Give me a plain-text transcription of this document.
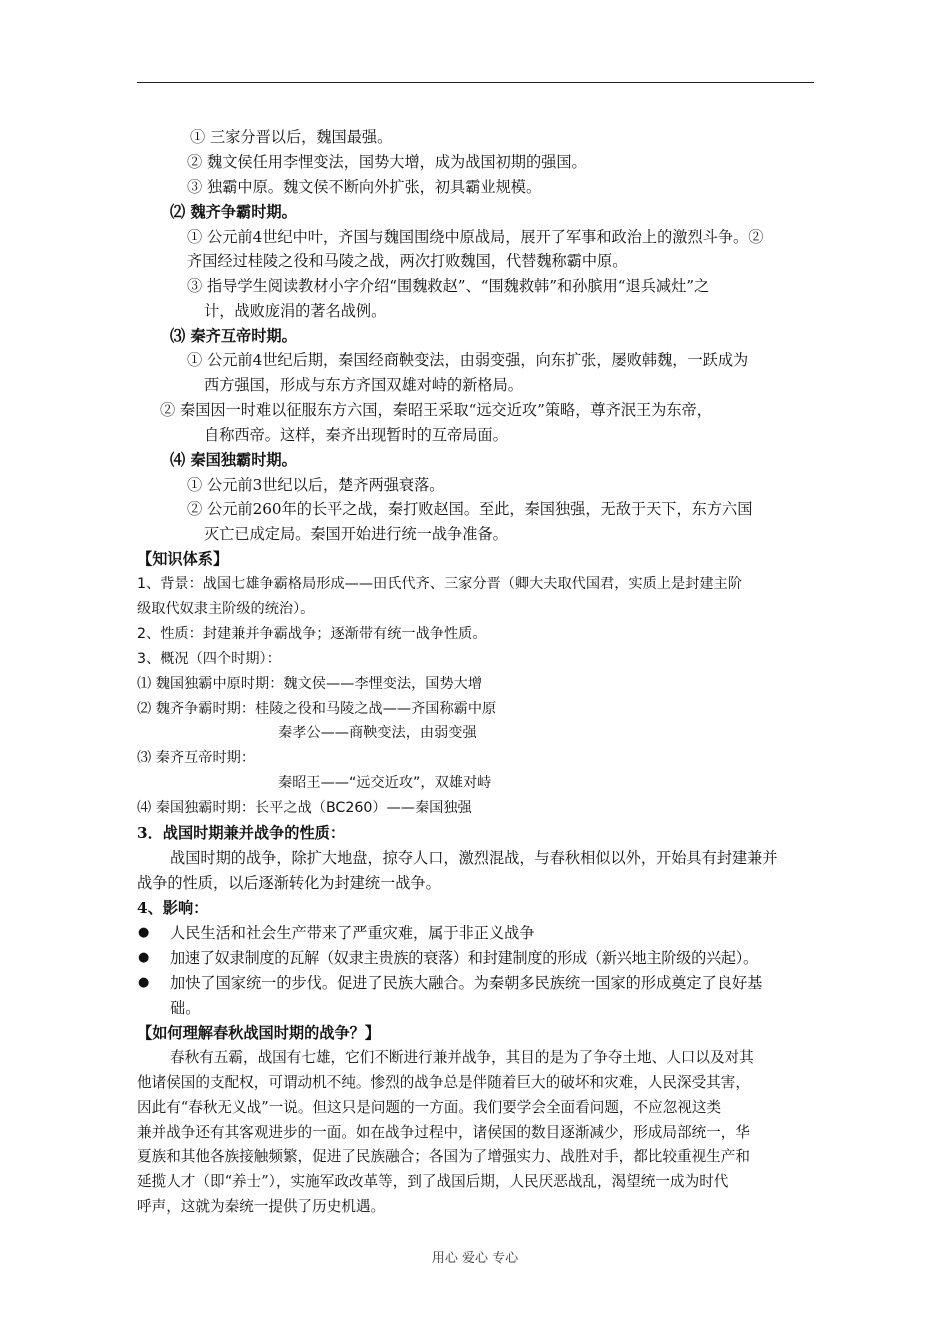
① 三家分晋以后，魏国最强。
② 魏文侯任用李悝变法，国势大增，成为战国初期的强国。
③ 独霸中原。魏文侯不断向外扩张，初具霸业规模。
⑵ 魏齐争霸时期。
① 公元前4世纪中叶，齐国与魏国围绕中原战局，展开了军事和政治上的激烈斗争。②
齐国经过桂陵之役和马陵之战，两次打败魏国，代替魏称霸中原。
③ 指导学生阅读教材小字介绍“围魏救赵”、“围魏救韩”和孙膑用“退兵减灶”之
计，战败庞涓的著名战例。
⑶ 秦齐互帝时期。
① 公元前4世纪后期，秦国经商鞅变法，由弱变强，向东扩张，屡败韩魏，一跃成为
西方强国，形成与东方齐国双雄对峙的新格局。
② 秦国因一时难以征服东方六国，秦昭王采取“远交近攻”策略，尊齐泯王为东帝，
自称西帝。这样，秦齐出现暂时的互帝局面。
⑷ 秦国独霸时期。
① 公元前3世纪以后，楚齐两强衰落。
② 公元前260年的长平之战，秦打败赵国。至此，秦国独强，无敌于天下，东方六国
灭亡已成定局。秦国开始进行统一战争准备。
【知识体系】
1、背景：战国七雄争霸格局形成——田氏代齐、三家分晋（卿大夫取代国君，实质上是封建主阶
级取代奴隶主阶级的统治）。
2、性质：封建兼并争霸战争；逐渐带有统一战争性质。
3、概况（四个时期）：
⑴ 魏国独霸中原时期：魏文侯——李悝变法，国势大增
⑵ 魏齐争霸时期：桂陵之役和马陵之战——齐国称霸中原
秦孝公——商鞅变法，由弱变强
⑶ 秦齐互帝时期：
秦昭王——“远交近攻”，双雄对峙
⑷ 秦国独霸时期：长平之战（BC260）——秦国独强
3．战国时期兼并战争的性质：
战国时期的战争，除扩大地盘，掠夺人口，激烈混战，与春秋相似以外，开始具有封建兼并
战争的性质，以后逐渐转化为封建统一战争。
4、影响：
● 人民生活和社会生产带来了严重灾难，属于非正义战争
● 加速了奴隶制度的瓦解（奴隶主贵族的衰落）和封建制度的形成（新兴地主阶级的兴起）。
● 加快了国家统一的步伐。促进了民族大融合。为秦朝多民族统一国家的形成奠定了良好基
础。
【如何理解春秋战国时期的战争？】
春秋有五霸，战国有七雄，它们不断进行兼并战争，其目的是为了争夺土地、人口以及对其
他诸侯国的支配权，可谓动机不纯。惨烈的战争总是伴随着巨大的破坏和灾难，人民深受其害，
因此有“春秋无义战”一说。但这只是问题的一方面。我们要学会全面看问题，不应忽视这类
兼并战争还有其客观进步的一面。如在战争过程中，诸侯国的数目逐渐减少，形成局部统一，华
夏族和其他各族接触频繁，促进了民族融合；各国为了增强实力、战胜对手，都比较重视生产和
延揽人才（即“养士”），实施军政改革等，到了战国后期，人民厌恶战乱，渴望统一成为时代
呼声，这就为秦统一提供了历史机遇。
用心 爱心 专心
